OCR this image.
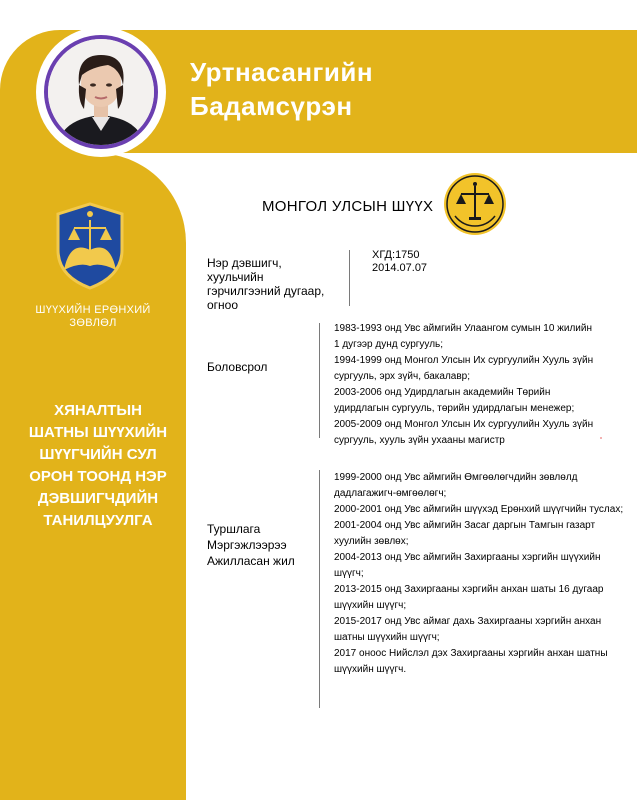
Уртнасангийн
Бадамсүрэн
ШҮҮХИЙН ЕРӨНХИЙ
ЗӨВЛӨЛ
ХЯНАЛТЫН
ШАТНЫ ШҮҮХИЙН
ШҮҮГЧИЙН СУЛ
ОРОН ТООНД НЭР
ДЭВШИГЧДИЙН
ТАНИЛЦУУЛГА
МОНГОЛ УЛСЫН ШҮҮХ
Нэр дэвшигч,
хуульчийн
гэрчилгээний дугаар,
огноо
ХГД:1750
2014.07.07
Боловсрол
1983-1993 онд Увс аймгийн Улаангом сумын 10 жилийн
1 дугээр дунд сургууль;
1994-1999 онд Монгол Улсын Их сургуулийн Хууль зүйн
сургууль, эрх зүйч, бакалавр;
2003-2006 онд Удирдлагын академийн Төрийн
удирдлагын сургууль, төрийн удирдлагын менежер;
2005-2009 онд Монгол Улсын Их сургуулийн Хууль зүйн
сургууль, хууль зүйн ухааны магистр
Туршлага
Мэргэжлээрээ
Ажилласан жил
1999-2000 онд Увс аймгийн Өмгөөлөгчдийн зөвлөлд
дадлагажигч-өмгөөлөгч;
2000-2001 онд Увс аймгийн шүүхэд Ерөнхий шүүгчийн туслах;
2001-2004 онд Увс аймгийн Засаг даргын Тамгын газарт
хуулийн зөвлөх;
2004-2013 онд Увс аймгийн Захиргааны хэргийн шүүхийн
шүүгч;
2013-2015 онд Захиргааны хэргийн анхан шаты 16 дугаар
шүүхийн шүүгч;
2015-2017 онд Увс аймаг дахь Захиргааны хэргийн анхан
шатны шүүхийн шүүгч;
2017 оноос Нийслэл дэх Захиргааны хэргийн анхан шатны
шүүхийн шүүгч.
